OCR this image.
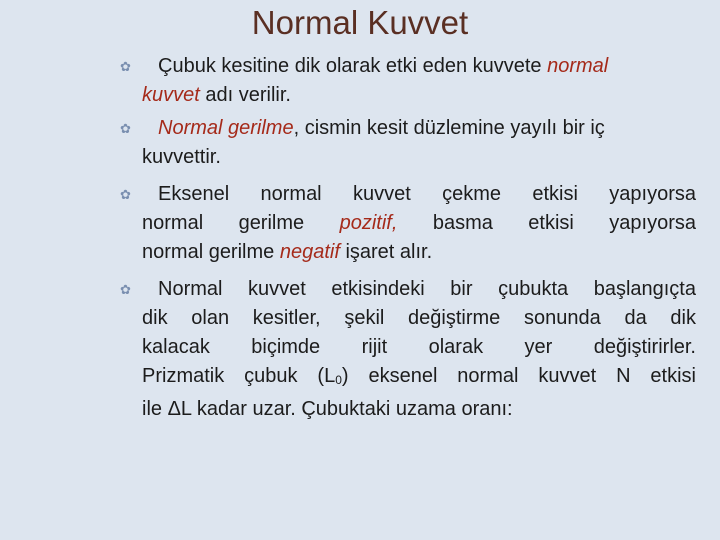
Normal Kuvvet
✿	Çubuk kesitine dik olarak etki eden kuvvete normal
kuvvet adı verilir.
✿	Normal gerilme, cismin kesit düzlemine yayılı bir iç
kuvvettir.
✿	Eksenel normal kuvvet çekme etkisi yapıyorsa
normal gerilme pozitif, basma etkisi yapıyorsa
normal gerilme negatif işaret alır.
✿	Normal kuvvet etkisindeki bir çubukta başlangıçta
dik olan kesitler, şekil değiştirme sonunda da dik
kalacak biçimde rijit olarak yer değiştirirler.
Prizmatik çubuk $(L_0)$ eksenel normal kuvvet N etkisi
ile ΔL kadar uzar. Çubuktaki uzama oranı:
